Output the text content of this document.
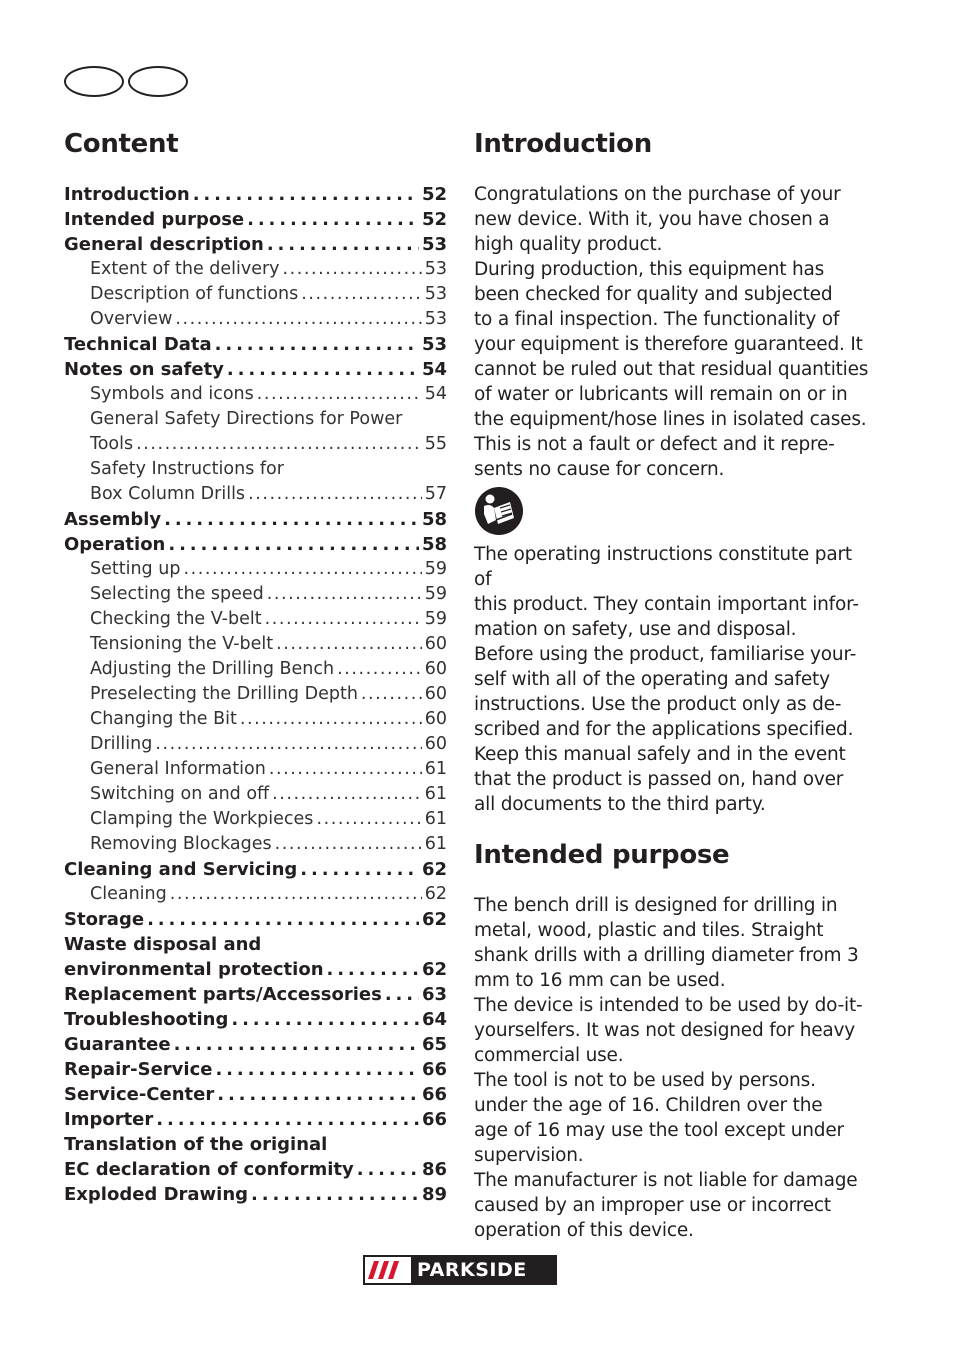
Content
Introduction . . .	52
Intended purpose . . .	52
General description . . .	53
Extent of the delivery . . .	53
Description of functions . . .	53
Overview . . .	53
Technical Data . . .	53
Notes on safety . . .	54
Symbols and icons . . .	54
General Safety Directions for Power
Tools . . .	55
Safety Instructions for
Box Column Drills . . .	57
Assembly . . .	58
Operation . . .	58
Setting up . . .	59
Selecting the speed . . .	59
Checking the V-belt . . .	59
Tensioning the V-belt . . .	60
Adjusting the Drilling Bench . . .	60
Preselecting the Drilling Depth . . .	60
Changing the Bit . . .	60
Drilling . . .	60
General Information . . .	61
Switching on and off . . .	61
Clamping the Workpieces . . .	61
Removing Blockages . . .	61
Cleaning and Servicing . . .	62
Cleaning . . .	62
Storage . . .	62
Waste disposal and
environmental protection . . .	62
Replacement parts/Accessories . . . 63
Troubleshooting . . .	64
Guarantee . . .	65
Repair-Service . . .	66
Service-Center . . .	66
Importer . . .	66
Translation of the original
EC declaration of conformity . . .	86
Exploded Drawing . . .	89
Introduction
Congratulations on the purchase of your
new device. With it, you have chosen a
high quality product.
During production, this equipment has
been checked for quality and subjected
to a final inspection. The functionality of
your equipment is therefore guaranteed. It
cannot be ruled out that residual quantities
of water or lubricants will remain on or in
the equipment/hose lines in isolated cases.
This is not a fault or defect and it repre-
sents no cause for concern.
The operating instructions constitute part of
this product. They contain important infor-
mation on safety, use and disposal.
Before using the product, familiarise your-
self with all of the operating and safety
instructions. Use the product only as de-
scribed and for the applications specified.
Keep this manual safely and in the event
that the product is passed on, hand over
all documents to the third party.
Intended purpose
The bench drill is designed for drilling in
metal, wood, plastic and tiles. Straight
shank drills with a drilling diameter from 3
mm to 16 mm can be used.
The device is intended to be used by do-it-
yourselfers. It was not designed for heavy
commercial use.
The tool is not to be used by persons.
under the age of 16. Children over the
age of 16 may use the tool except under
supervision.
The manufacturer is not liable for damage
caused by an improper use or incorrect
operation of this device.
PARKSIDE
